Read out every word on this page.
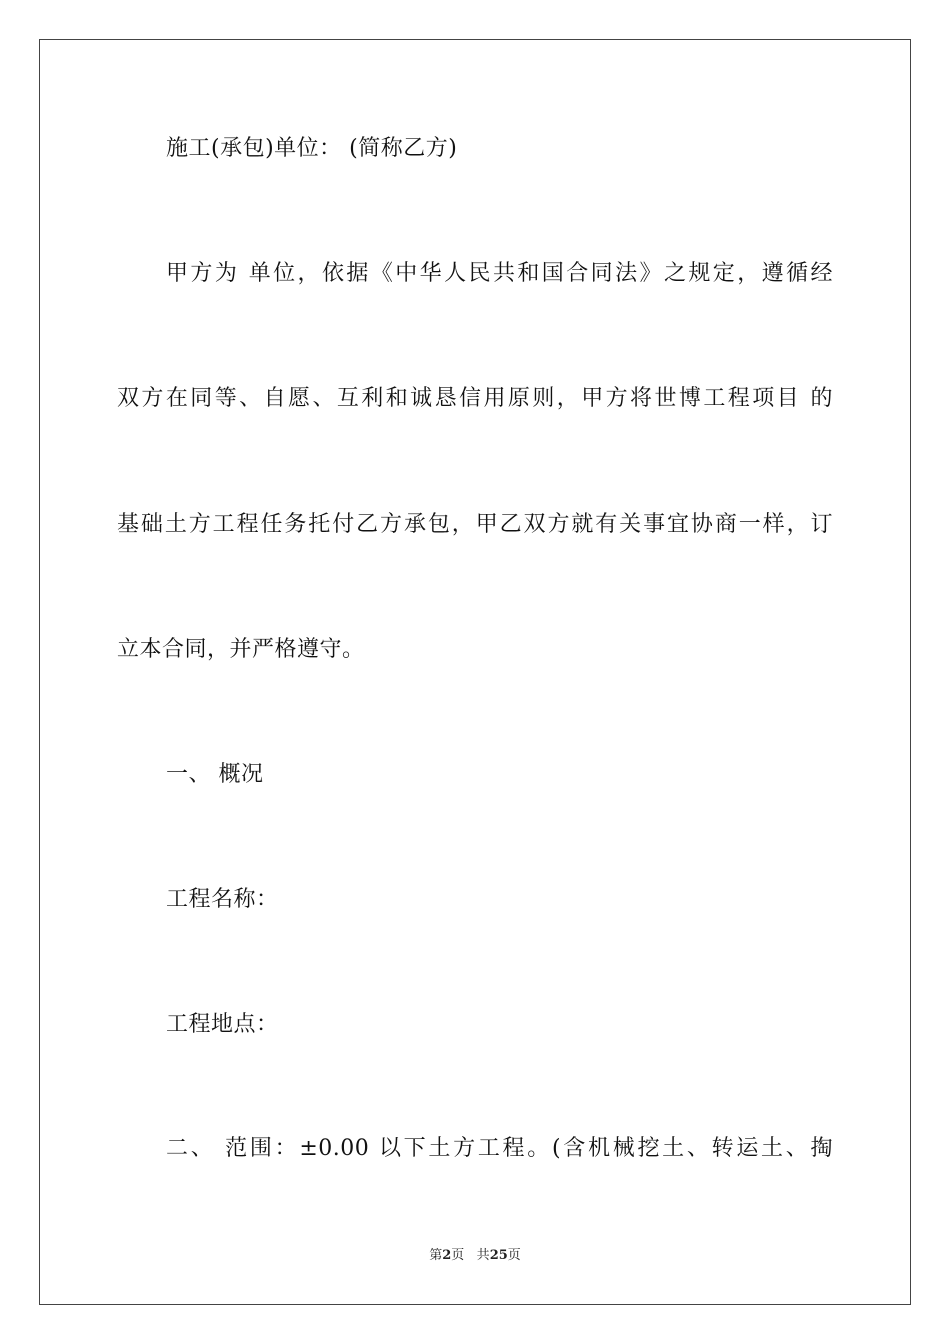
施工(承包)单位： (简称乙方)
甲方为 单位，依据《中华人民共和国合同法》之规定，遵循经
双方在同等、自愿、互利和诚恳信用原则，甲方将世博工程项目 的
基础土方工程任务托付乙方承包，甲乙双方就有关事宜协商一样，订
立本合同，并严格遵守。
一、 概况
工程名称：
工程地点：
二、 范围：±0.00 以下土方工程。(含机械挖土、转运土、掏
第2页 共25页
